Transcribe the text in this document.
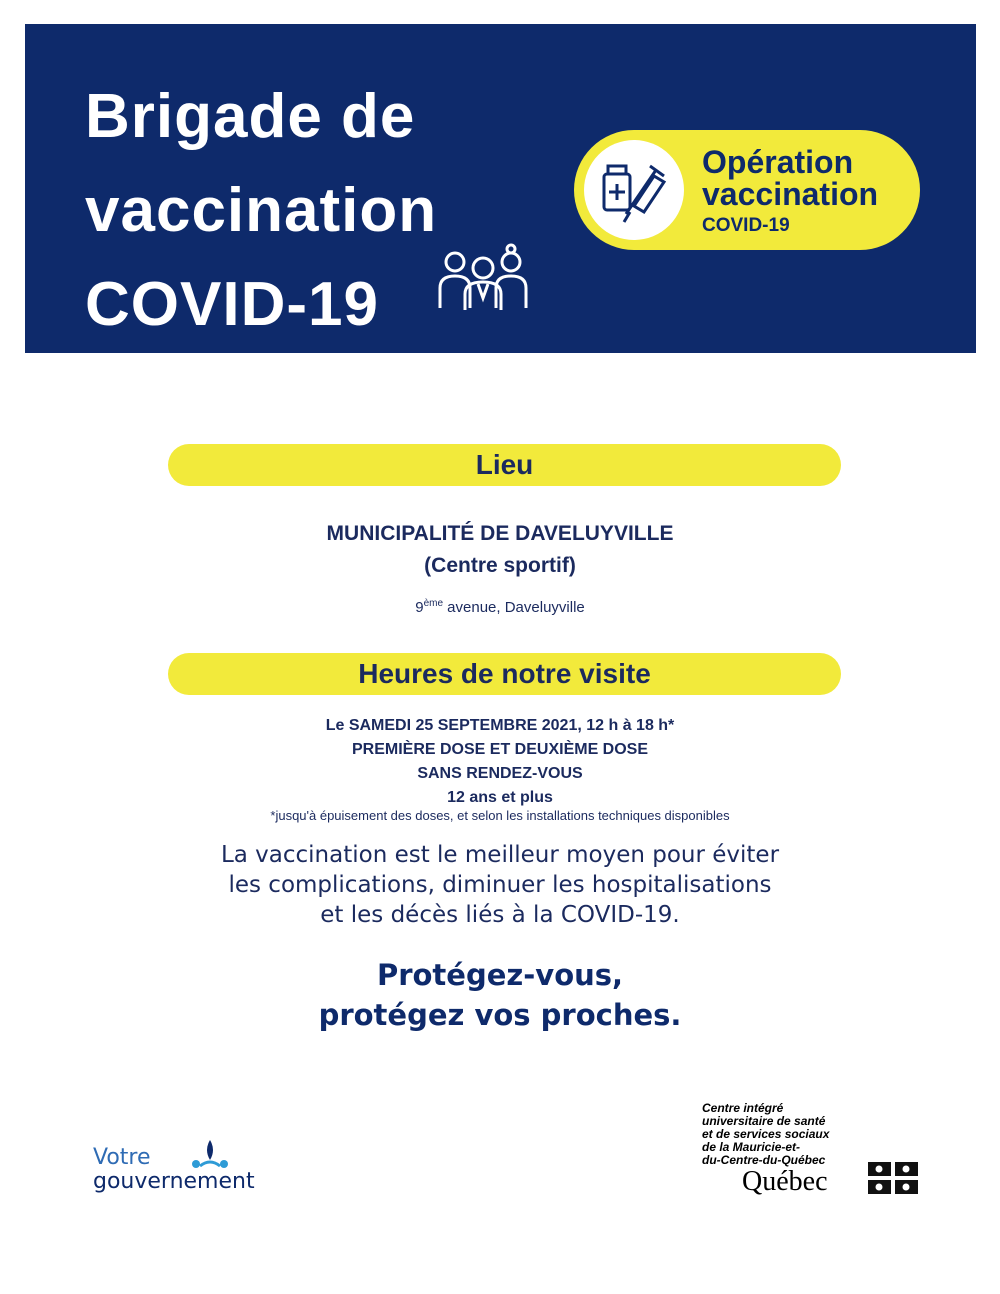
Brigade de
vaccination
COVID-19
Opération
vaccination
COVID-19
Lieu
MUNICIPALITÉ DE DAVELUYVILLE
(Centre sportif)
9ème avenue, Daveluyville
Heures de notre visite
Le SAMEDI 25 SEPTEMBRE 2021, 12 h à 18 h*
PREMIÈRE DOSE ET DEUXIÈME DOSE
SANS RENDEZ-VOUS
12 ans et plus
*jusqu'à épuisement des doses, et selon les installations techniques disponibles
La vaccination est le meilleur moyen pour éviter
les complications, diminuer les hospitalisations
et les décès liés à la COVID-19.
Protégez-vous,
protégez vos proches.
Votre
gouvernement
Centre intégré
universitaire de santé
et de services sociaux
de la Mauricie-et-
du-Centre-du-Québec
Québec
